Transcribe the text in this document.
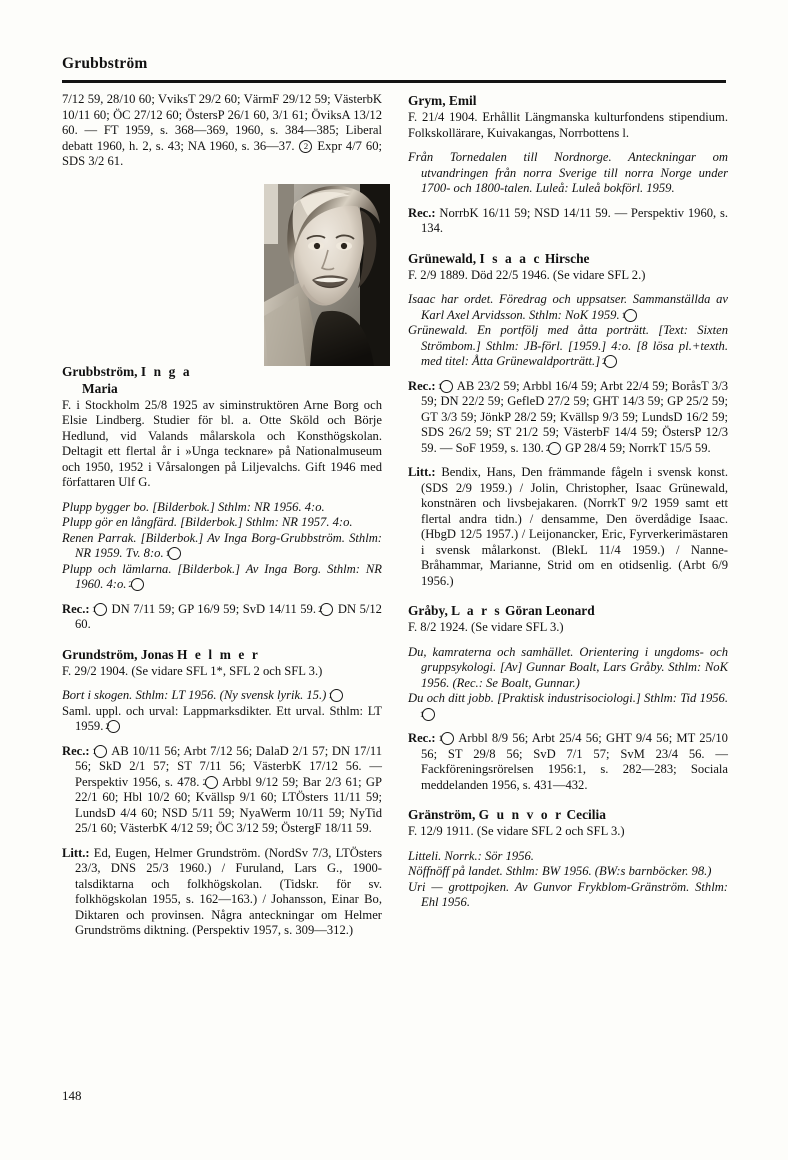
Grubbström

7/12 59, 28/10 60; VviksT 29/2 60; VärmF 29/12 59; VästerbK 10/11 60; ÖC 27/12 60; ÖstersP 26/1 60, 3/1 61; ÖviksA 13/12 60. — FT 1959, s. 368—369, 1960, s. 384—385; Liberal debatt 1960, h. 2, s. 43; NA 1960, s. 36—37. 2 Expr 4/7 60; SDS 3/2 61.

Grubbström, I n g a
Maria

F. i Stockholm 25/8 1925 av siminstruktören Arne Borg och Elsie Lindberg. Studier för bl. a. Otte Sköld och Börje Hedlund, vid Valands målarskola och Konsthögskolan. Deltagit ett flertal år i »Unga tecknare» på Nationalmuseum och 1950, 1952 i Vårsalongen på Liljevalchs. Gift 1946 med författaren Ulf G.

Plupp bygger bo. [Bilderbok.] Sthlm: NR 1956. 4:o.

Plupp gör en långfärd. [Bilderbok.] Sthlm: NR 1957. 4:o.

Renen Parrak. [Bilderbok.] Av Inga Borg-Grubbström. Sthlm: NR 1959. Tv. 8:o. 1

Plupp och lämlarna. [Bilderbok.] Av Inga Borg. Sthlm: NR 1960. 4:o. 2

Rec.: 1 DN 7/11 59; GP 16/9 59; SvD 14/11 59. 2 DN 5/12 60.

Grundström, Jonas H e l m e r

F. 29/2 1904. (Se vidare SFL 1*, SFL 2 och SFL 3.)

Bort i skogen. Sthlm: LT 1956. (Ny svensk lyrik. 15.) 1

Saml. uppl. och urval: Lappmarksdikter. Ett urval. Sthlm: LT 1959. 2

Rec.: 1 AB 10/11 56; Arbt 7/12 56; DalaD 2/1 57; DN 17/11 56; SkD 2/1 57; ST 7/11 56; VästerbK 17/12 56. — Perspektiv 1956, s. 478. 2 Arbbl 9/12 59; Bar 2/3 61; GP 22/1 60; Hbl 10/2 60; Kvällsp 9/1 60; LTÖsters 11/11 59; LundsD 4/4 60; NSD 5/11 59; NyaWerm 10/11 59; NyTid 25/1 60; VästerbK 4/12 59; ÖC 3/12 59; ÖstergF 18/11 59.

Litt.: Ed, Eugen, Helmer Grundström. (NordSv 7/3, LTÖsters 23/3, DNS 25/3 1960.) / Furuland, Lars G., 1900-talsdiktarna och folkhögskolan. (Tidskr. för sv. folkhögskolan 1955, s. 162—163.) / Johansson, Einar Bo, Diktaren och provinsen. Några anteckningar om Helmer Grundströms diktning. (Perspektiv 1957, s. 309—312.)

Grym, Emil

F. 21/4 1904. Erhållit Längmanska kulturfondens stipendium. Folkskollärare, Kuivakangas, Norrbottens l.

Från Tornedalen till Nordnorge. Anteckningar om utvandringen från norra Sverige till norra Norge under 1700- och 1800-talen. Luleå: Luleå bokförl. 1959.

Rec.: NorrbK 16/11 59; NSD 14/11 59. — Perspektiv 1960, s. 134.

Grünewald, I s a a c Hirsche

F. 2/9 1889. Död 22/5 1946. (Se vidare SFL 2.)

Isaac har ordet. Föredrag och uppsatser. Sammanställda av Karl Axel Arvidsson. Sthlm: NoK 1959. 1

Grünewald. En portfölj med åtta porträtt. [Text: Sixten Strömbom.] Sthlm: JB-förl. [1959.] 4:o. [8 lösa pl.+texth. med titel: Åtta Grünewaldporträtt.] 2

Rec.: 1 AB 23/2 59; Arbbl 16/4 59; Arbt 22/4 59; BoråsT 3/3 59; DN 22/2 59; GefleD 27/2 59; GHT 14/3 59; GP 25/2 59; GT 3/3 59; JönkP 28/2 59; Kvällsp 9/3 59; LundsD 16/2 59; SDS 26/2 59; ST 21/2 59; VästerbF 14/4 59; ÖstersP 12/3 59. — SoF 1959, s. 130. 2 GP 28/4 59; NorrkT 15/5 59.

Litt.: Bendix, Hans, Den främmande fågeln i svensk konst. (SDS 2/9 1959.) / Jolin, Christopher, Isaac Grünewald, konstnären och livsbejakaren. (NorrkT 9/2 1959 samt ett flertal andra tidn.) / densamme, Den överdådige Isaac. (HbgD 12/5 1957.) / Leijonancker, Eric, Fyrverkerimästaren i svensk målarkonst. (BlekL 11/4 1959.) / Nanne-Bråhammar, Marianne, Strid om en otidsenlig. (Arbt 6/9 1956.)

Gråby, L a r s Göran Leonard

F. 8/2 1924. (Se vidare SFL 3.)

Du, kamraterna och samhället. Orientering i ungdoms- och gruppsykologi. [Av] Gunnar Boalt, Lars Gråby. Sthlm: NoK 1956. (Rec.: Se Boalt, Gunnar.)

Du och ditt jobb. [Praktisk industrisociologi.] Sthlm: Tid 1956. 1

Rec.: 1 Arbbl 8/9 56; Arbt 25/4 56; GHT 9/4 56; MT 25/10 56; ST 29/8 56; SvD 7/1 57; SvM 23/4 56. — Fackföreningsrörelsen 1956:1, s. 282—283; Sociala meddelanden 1956, s. 431—432.

Gränström, G u n v o r Cecilia

F. 12/9 1911. (Se vidare SFL 2 och SFL 3.)

Litteli. Norrk.: Sör 1956.

Nöffnöff på landet. Sthlm: BW 1956. (BW:s barnböcker. 98.)

Uri — grottpojken. Av Gunvor Frykblom-Gränström. Sthlm: Ehl 1956.

148
